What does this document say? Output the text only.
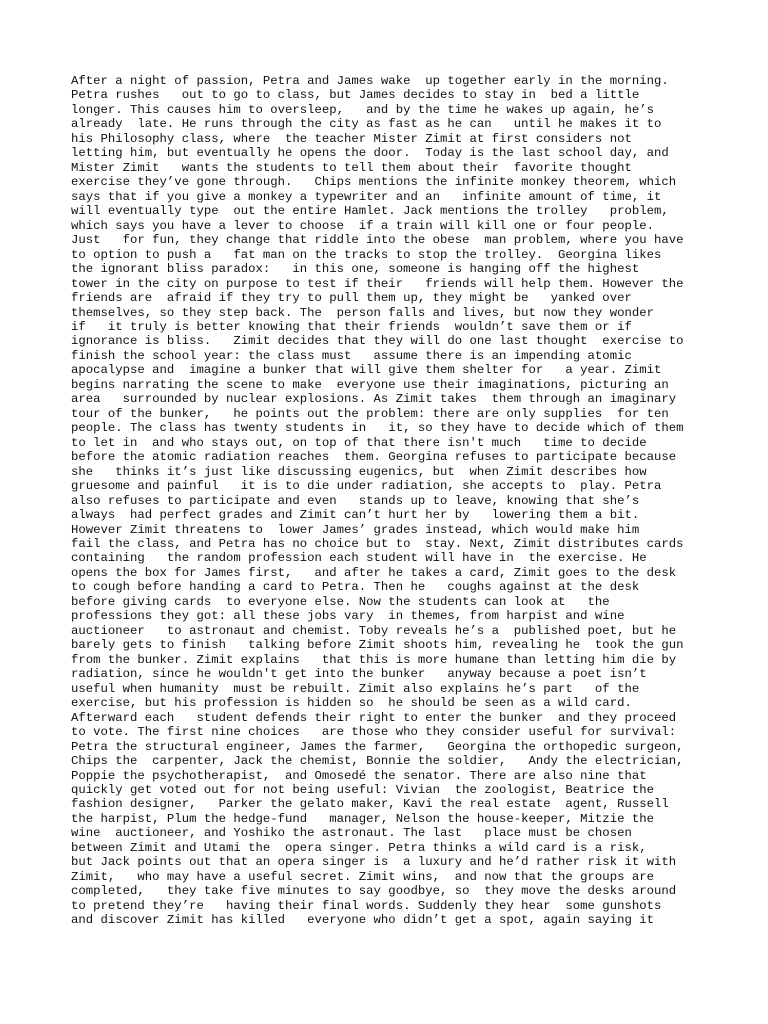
After a night of passion, Petra and James wake  up together early in the morning.
Petra rushes   out to go to class, but James decides to stay in  bed a little
longer. This causes him to oversleep,   and by the time he wakes up again, he’s
already  late. He runs through the city as fast as he can   until he makes it to
his Philosophy class, where  the teacher Mister Zimit at first considers not
letting him, but eventually he opens the door.  Today is the last school day, and
Mister Zimit   wants the students to tell them about their  favorite thought
exercise they’ve gone through.   Chips mentions the infinite monkey theorem, which
says that if you give a monkey a typewriter and an   infinite amount of time, it
will eventually type  out the entire Hamlet. Jack mentions the trolley   problem,
which says you have a lever to choose  if a train will kill one or four people.
Just   for fun, they change that riddle into the obese  man problem, where you have
to option to push a   fat man on the tracks to stop the trolley.  Georgina likes
the ignorant bliss paradox:   in this one, someone is hanging off the highest
tower in the city on purpose to test if their   friends will help them. However the
friends are  afraid if they try to pull them up, they might be   yanked over
themselves, so they step back. The  person falls and lives, but now they wonder
if   it truly is better knowing that their friends  wouldn’t save them or if
ignorance is bliss.   Zimit decides that they will do one last thought  exercise to
finish the school year: the class must   assume there is an impending atomic
apocalypse and  imagine a bunker that will give them shelter for   a year. Zimit
begins narrating the scene to make  everyone use their imaginations, picturing an
area   surrounded by nuclear explosions. As Zimit takes  them through an imaginary
tour of the bunker,   he points out the problem: there are only supplies  for ten
people. The class has twenty students in   it, so they have to decide which of them
to let in  and who stays out, on top of that there isn't much   time to decide
before the atomic radiation reaches  them. Georgina refuses to participate because
she   thinks it’s just like discussing eugenics, but  when Zimit describes how
gruesome and painful   it is to die under radiation, she accepts to  play. Petra
also refuses to participate and even   stands up to leave, knowing that she’s
always  had perfect grades and Zimit can’t hurt her by   lowering them a bit.
However Zimit threatens to  lower James’ grades instead, which would make him
fail the class, and Petra has no choice but to  stay. Next, Zimit distributes cards
containing   the random profession each student will have in  the exercise. He
opens the box for James first,   and after he takes a card, Zimit goes to the desk
to cough before handing a card to Petra. Then he   coughs against at the desk
before giving cards  to everyone else. Now the students can look at   the
professions they got: all these jobs vary  in themes, from harpist and wine
auctioneer   to astronaut and chemist. Toby reveals he’s a  published poet, but he
barely gets to finish   talking before Zimit shoots him, revealing he  took the gun
from the bunker. Zimit explains   that this is more humane than letting him die by
radiation, since he wouldn't get into the bunker   anyway because a poet isn’t
useful when humanity  must be rebuilt. Zimit also explains he’s part   of the
exercise, but his profession is hidden so  he should be seen as a wild card.
Afterward each   student defends their right to enter the bunker  and they proceed
to vote. The first nine choices   are those who they consider useful for survival:
Petra the structural engineer, James the farmer,   Georgina the orthopedic surgeon,
Chips the  carpenter, Jack the chemist, Bonnie the soldier,   Andy the electrician,
Poppie the psychotherapist,  and Omosedé the senator. There are also nine that
quickly get voted out for not being useful: Vivian  the zoologist, Beatrice the
fashion designer,   Parker the gelato maker, Kavi the real estate  agent, Russell
the harpist, Plum the hedge-fund   manager, Nelson the house-keeper, Mitzie the
wine  auctioneer, and Yoshiko the astronaut. The last   place must be chosen
between Zimit and Utami the  opera singer. Petra thinks a wild card is a risk,
but Jack points out that an opera singer is  a luxury and he’d rather risk it with
Zimit,   who may have a useful secret. Zimit wins,  and now that the groups are
completed,   they take five minutes to say goodbye, so  they move the desks around
to pretend they’re   having their final words. Suddenly they hear  some gunshots
and discover Zimit has killed   everyone who didn’t get a spot, again saying it
